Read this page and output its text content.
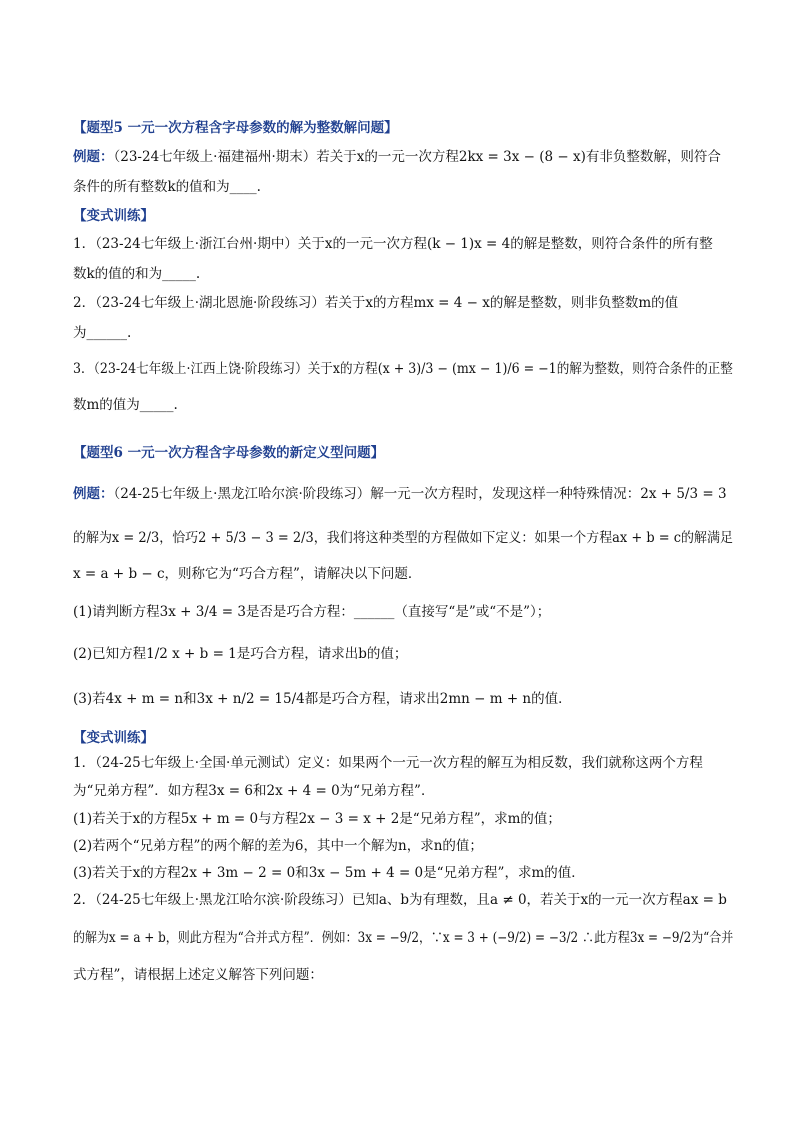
【题型5 一元一次方程含字母参数的解为整数解问题】
例题：（23-24七年级上·福建福州·期末）若关于x的一元一次方程2kx = 3x − (8 − x)有非负整数解，则符合
条件的所有整数k的值和为____.
【变式训练】
1．（23-24七年级上·浙江台州·期中）关于x的一元一次方程(k − 1)x = 4的解是整数，则符合条件的所有整
数k的值的和为_____.
2．（23-24七年级上·湖北恩施·阶段练习）若关于x的方程mx = 4 − x的解是整数，则非负整数m的值
为______.
3．（23-24七年级上·江西上饶·阶段练习）关于x的方程(x + 3)/3 − (mx − 1)/6 = −1的解为整数，则符合条件的正整
数m的值为_____.
【题型6 一元一次方程含字母参数的新定义型问题】
例题：（24-25七年级上·黑龙江哈尔滨·阶段练习）解一元一次方程时，发现这样一种特殊情况：2x + 5/3 = 3
的解为x = 2/3，恰巧2 + 5/3 − 3 = 2/3，我们将这种类型的方程做如下定义：如果一个方程ax + b = c的解满足
x = a + b − c，则称它为“巧合方程”，请解决以下问题．
(1)请判断方程3x + 3/4 = 3是否是巧合方程：______（直接写“是”或“不是”）；
(2)已知方程1/2 x + b = 1是巧合方程，请求出b的值；
(3)若4x + m = n和3x + n/2 = 15/4都是巧合方程，请求出2mn − m + n的值．
【变式训练】
1．（24-25七年级上·全国·单元测试）定义：如果两个一元一次方程的解互为相反数，我们就称这两个方程
为“兄弟方程”．如方程3x = 6和2x + 4 = 0为“兄弟方程”．
(1)若关于x的方程5x + m = 0与方程2x − 3 = x + 2是“兄弟方程”，求m的值；
(2)若两个“兄弟方程”的两个解的差为6，其中一个解为n，求n的值；
(3)若关于x的方程2x + 3m − 2 = 0和3x − 5m + 4 = 0是“兄弟方程”，求m的值．
2．（24-25七年级上·黑龙江哈尔滨·阶段练习）已知a、b为有理数，且a ≠ 0，若关于x的一元一次方程ax = b
的解为x = a + b，则此方程为“合并式方程”．例如：3x = −9/2，∵x = 3 + (−9/2) = −3/2 ∴此方程3x = −9/2为“合并
式方程”，请根据上述定义解答下列问题：
